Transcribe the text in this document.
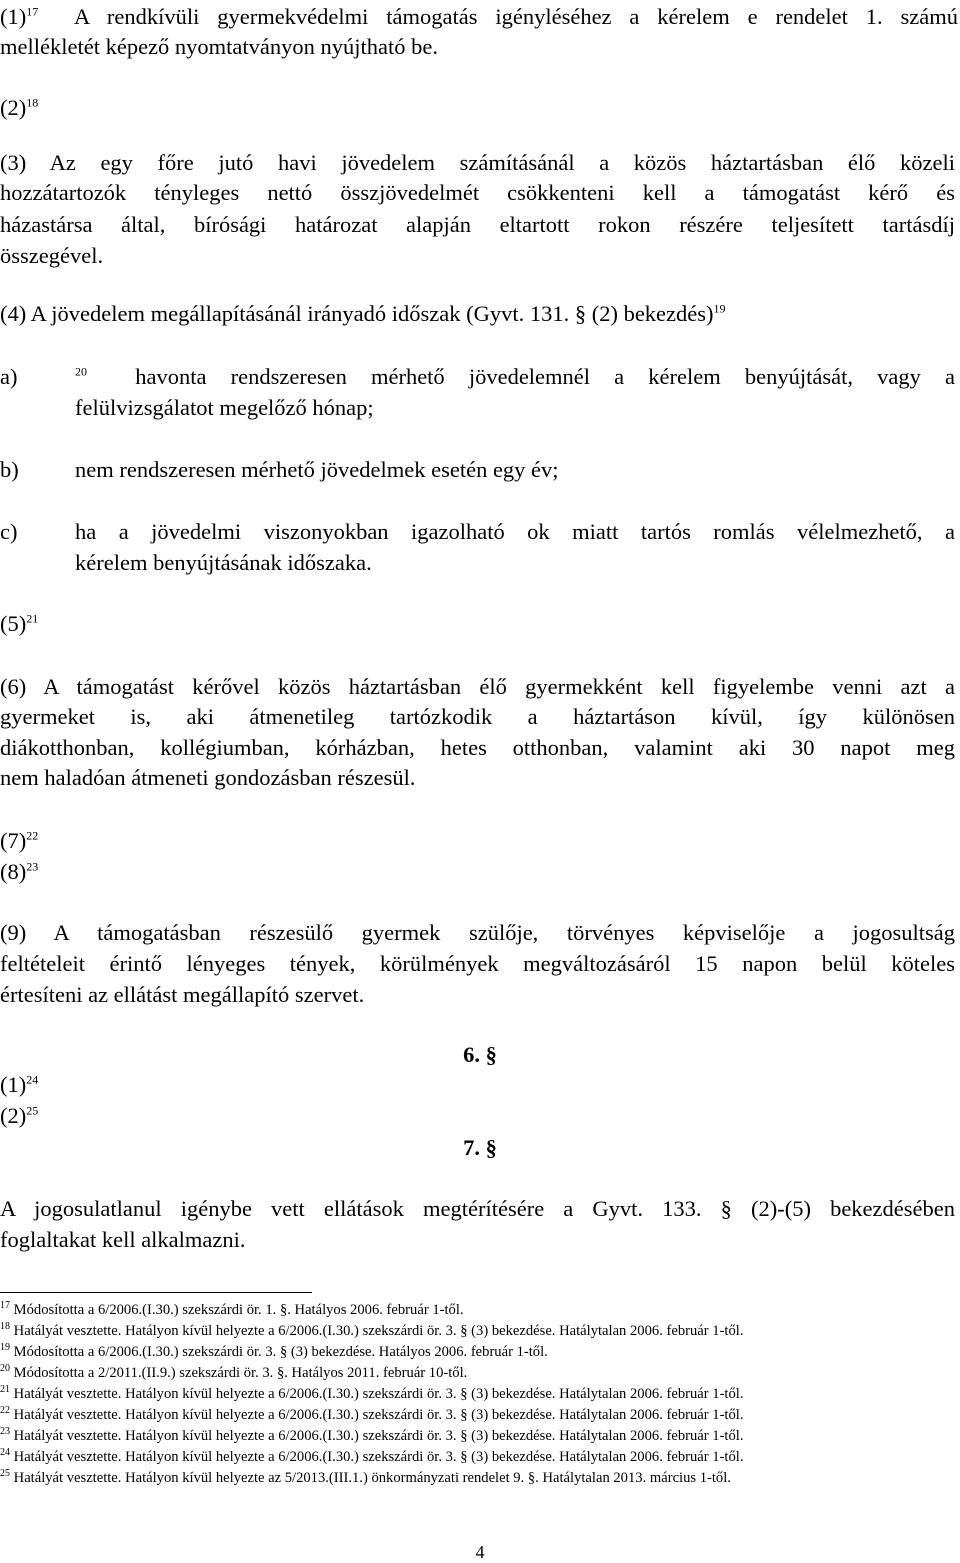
$(1)^{17}$ A rendkívüli gyermekvédelmi támogatás igényléséhez a kérelem e rendelet 1. számú
mellékletét képező nyomtatványon nyújtható be.
$(2)^{18}$
(3) Az egy főre jutó havi jövedelem számításánál a közös háztartásban élő közeli
hozzátartozók tényleges nettó összjövedelmét csökkenteni kell a támogatást kérő és
házastársa által, bírósági határozat alapján eltartott rokon részére teljesített tartásdíj
összegével.
(4) A jövedelem megállapításánál irányadó időszak (Gyvt. 131. § (2) bekezdés)$^{19}$
a)	$^{20}$ havonta rendszeresen mérhető jövedelemnél a kérelem benyújtását, vagy a
felülvizsgálatot megelőző hónap;
b)	nem rendszeresen mérhető jövedelmek esetén egy év;
c)	ha a jövedelmi viszonyokban igazolható ok miatt tartós romlás vélelmezhető, a
kérelem benyújtásának időszaka.
$(5)^{21}$
(6) A támogatást kérővel közös háztartásban élő gyermekként kell figyelembe venni azt a
gyermeket is, aki átmenetileg tartózkodik a háztartáson kívül, így különösen
diákotthonban, kollégiumban, kórházban, hetes otthonban, valamint aki 30 napot meg
nem haladóan átmeneti gondozásban részesül.
$(7)^{22}$
$(8)^{23}$
(9) A támogatásban részesülő gyermek szülője, törvényes képviselője a jogosultság
feltételeit érintő lényeges tények, körülmények megváltozásáról 15 napon belül köteles
értesíteni az ellátást megállapító szervet.
6. §
$(1)^{24}$
$(2)^{25}$
7. §
A jogosulatlanul igénybe vett ellátások megtérítésére a Gyvt. 133. § (2)-(5) bekezdésében
foglaltakat kell alkalmazni.
$^{17}$ Módosította a 6/2006.(I.30.) szekszárdi ör. 1. §. Hatályos 2006. február 1-től.
$^{18}$ Hatályát vesztette. Hatályon kívül helyezte a 6/2006.(I.30.) szekszárdi ör. 3. § (3) bekezdése. Hatálytalan 2006. február 1-től.
$^{19}$ Módosította a 6/2006.(I.30.) szekszárdi ör. 3. § (3) bekezdése. Hatályos 2006. február 1-től.
$^{20}$ Módosította a 2/2011.(II.9.) szekszárdi ör. 3. §. Hatályos 2011. február 10-től.
$^{21}$ Hatályát vesztette. Hatályon kívül helyezte a 6/2006.(I.30.) szekszárdi ör. 3. § (3) bekezdése. Hatálytalan 2006. február 1-től.
$^{22}$ Hatályát vesztette. Hatályon kívül helyezte a 6/2006.(I.30.) szekszárdi ör. 3. § (3) bekezdése. Hatálytalan 2006. február 1-től.
$^{23}$ Hatályát vesztette. Hatályon kívül helyezte a 6/2006.(I.30.) szekszárdi ör. 3. § (3) bekezdése. Hatálytalan 2006. február 1-től.
$^{24}$ Hatályát vesztette. Hatályon kívül helyezte a 6/2006.(I.30.) szekszárdi ör. 3. § (3) bekezdése. Hatálytalan 2006. február 1-től.
$^{25}$ Hatályát vesztette. Hatályon kívül helyezte az 5/2013.(III.1.) önkormányzati rendelet 9. §. Hatálytalan 2013. március 1-től.
4
